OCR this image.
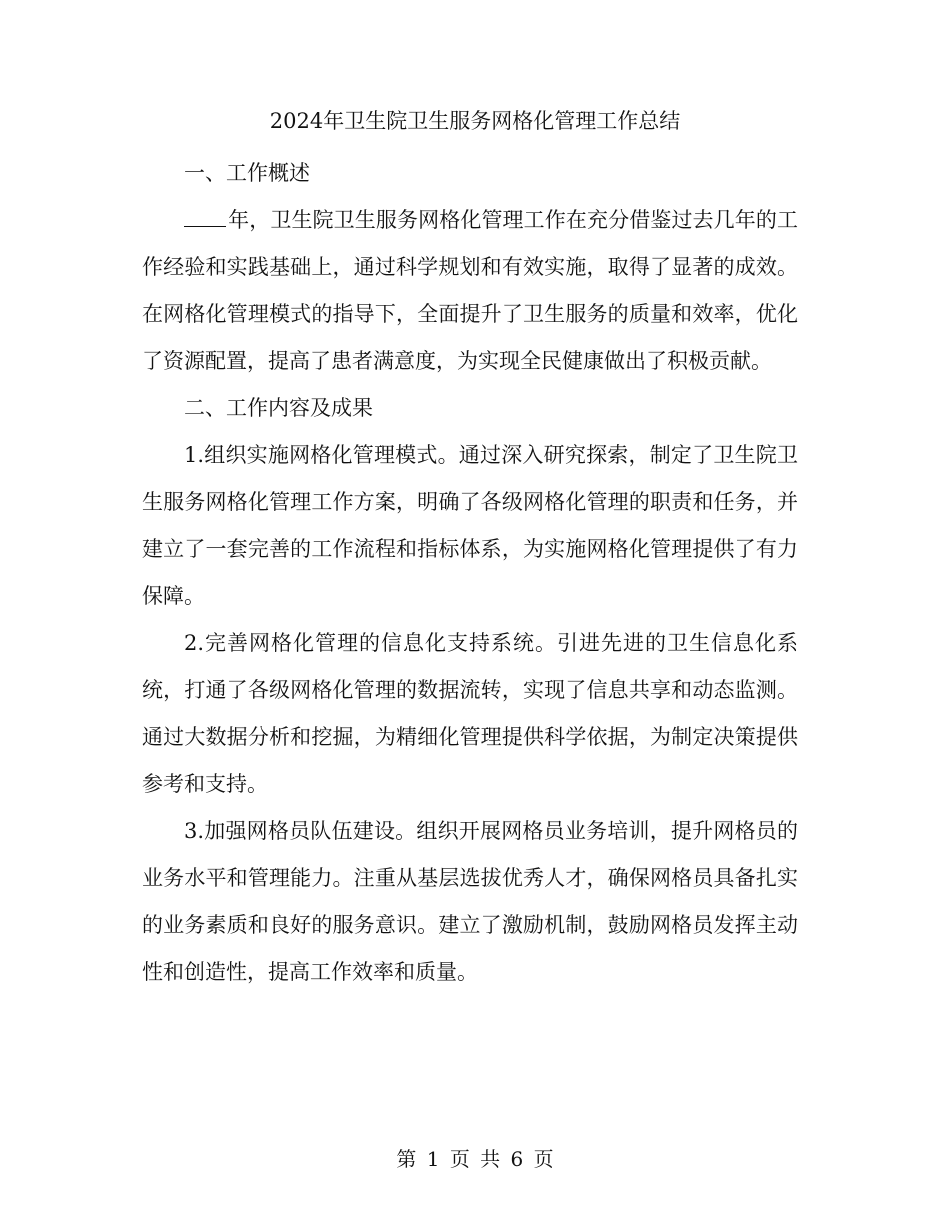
2024年卫生院卫生服务网格化管理工作总结

一、工作概述

年，卫生院卫生服务网格化管理工作在充分借鉴过去几年的工作经验和实践基础上，通过科学规划和有效实施，取得了显著的成效。在网格化管理模式的指导下，全面提升了卫生服务的质量和效率，优化了资源配置，提高了患者满意度，为实现全民健康做出了积极贡献。

二、工作内容及成果

1.组织实施网格化管理模式。通过深入研究探索，制定了卫生院卫生服务网格化管理工作方案，明确了各级网格化管理的职责和任务，并建立了一套完善的工作流程和指标体系，为实施网格化管理提供了有力保障。

2.完善网格化管理的信息化支持系统。引进先进的卫生信息化系统，打通了各级网格化管理的数据流转，实现了信息共享和动态监测。通过大数据分析和挖掘，为精细化管理提供科学依据，为制定决策提供参考和支持。

3.加强网格员队伍建设。组织开展网格员业务培训，提升网格员的业务水平和管理能力。注重从基层选拔优秀人才，确保网格员具备扎实的业务素质和良好的服务意识。建立了激励机制，鼓励网格员发挥主动性和创造性，提高工作效率和质量。

第 1 页 共 6 页
